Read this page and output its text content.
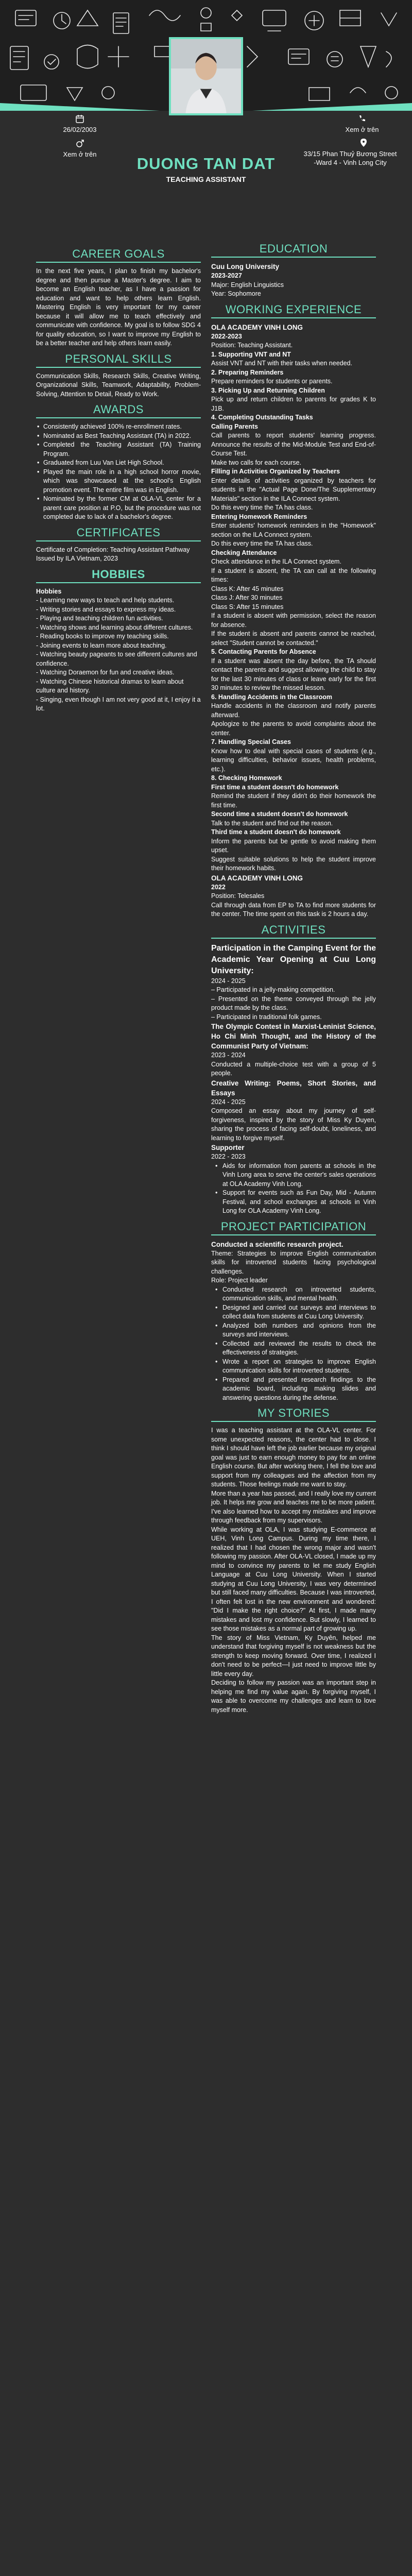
26/02/2003	Xem ở trên
Xem ở trên	33/15 Phan Thuỷ Bương Street
-Ward 4 - Vinh Long City
DUONG TAN DAT
TEACHING ASSISTANT
CAREER GOALS
In the next five years, I plan to finish my bachelor's degree and then pursue a Master's degree. I aim to become an English teacher, as I have a passion for education and want to help others learn English. Mastering English is very important for my career because it will allow me to teach effectively and communicate with confidence. My goal is to follow SDG 4 for quality education, so I want to improve my English to be a better teacher and help others learn easily.
PERSONAL SKILLS
Communication Skills, Research Skills, Creative Writing, Organizational Skills, Teamwork, Adaptability, Problem-Solving, Attention to Detail, Ready to Work.
AWARDS
• Consistently achieved 100% re-enrollment rates.
• Nominated as Best Teaching Assistant (TA) in 2022.
• Completed the Teaching Assistant (TA) Training Program.
• Graduated from Luu Van Liet High School.
• Played the main role in a high school horror movie, which was showcased at the school's English promotion event. The entire film was in English.
• Nominated by the former CM at OLA-VL center for a parent care position at P.O, but the procedure was not completed due to lack of a bachelor's degree.
CERTIFICATES
Certificate of Completion: Teaching Assistant Pathway
Issued by ILA Vietnam, 2023
HOBBIES
Hobbies
- Learning new ways to teach and help students.
- Writing stories and essays to express my ideas.
- Playing and teaching children fun activities.
- Watching shows and learning about different cultures.
- Reading books to improve my teaching skills.
- Joining events to learn more about teaching.
- Watching beauty pageants to see different cultures and confidence.
- Watching Doraemon for fun and creative ideas.
- Watching Chinese historical dramas to learn about culture and history.
- Singing, even though I am not very good at it, I enjoy it a lot.
EDUCATION
Cuu Long University
2023-2027
Major: English Linguistics
Year: Sophomore
WORKING EXPERIENCE
OLA ACADEMY VINH LONG
2022-2023
Position: Teaching Assistant.
1. Supporting VNT and NT
Assist VNT and NT with their tasks when needed.
2. Preparing Reminders
Prepare reminders for students or parents.
3. Picking Up and Returning Children
Pick up and return children to parents for grades K to J1B.
4. Completing Outstanding Tasks
Calling Parents
Call parents to report students' learning progress. Announce the results of the Mid-Module Test and End-of-Course Test.
Make two calls for each course.
Filling in Activities Organized by Teachers
Enter details of activities organized by teachers for students in the "Actual Page Done/The Supplementary Materials" section in the ILA Connect system.
Do this every time the TA has class.
Entering Homework Reminders
Enter students' homework reminders in the "Homework" section on the ILA Connect system.
Do this every time the TA has class.
Checking Attendance
Check attendance in the ILA Connect system.
If a student is absent, the TA can call at the following times:
Class K: After 45 minutes
Class J: After 30 minutes
Class S: After 15 minutes
If a student is absent with permission, select the reason for absence.
If the student is absent and parents cannot be reached, select "Student cannot be contacted."
5. Contacting Parents for Absence
If a student was absent the day before, the TA should contact the parents and suggest allowing the child to stay for the last 30 minutes of class or leave early for the first 30 minutes to review the missed lesson.
6. Handling Accidents in the Classroom
Handle accidents in the classroom and notify parents afterward.
Apologize to the parents to avoid complaints about the center.
7. Handling Special Cases
Know how to deal with special cases of students (e.g., learning difficulties, behavior issues, health problems, etc.).
8. Checking Homework
First time a student doesn't do homework
Remind the student if they didn't do their homework the first time.
Second time a student doesn't do homework
Talk to the student and find out the reason.
Third time a student doesn't do homework
Inform the parents but be gentle to avoid making them upset.
Suggest suitable solutions to help the student improve their homework habits.
OLA ACADEMY VINH LONG
2022
Position: Telesales
Call through data from EP to TA to find more students for the center. The time spent on this task is 2 hours a day.
ACTIVITIES
Participation in the Camping Event for the Academic Year Opening at Cuu Long University:
2024 - 2025
– Participated in a jelly-making competition.
– Presented on the theme conveyed through the jelly product made by the class.
– Participated in traditional folk games.
The Olympic Contest in Marxist-Leninist Science, Ho Chi Minh Thought, and the History of the Communist Party of Vietnam:
2023 - 2024
Conducted a multiple-choice test with a group of 5 people.
Creative Writing: Poems, Short Stories, and Essays
2024 - 2025
Composed an essay about my journey of self-forgiveness, inspired by the story of Miss Ky Duyen, sharing the process of facing self-doubt, loneliness, and learning to forgive myself.
Supporter
2022 - 2023
• Aids for information from parents at schools in the Vinh Long area to serve the center's sales operations at OLA Academy Vinh Long.
• Support for events such as Fun Day, Mid - Autumn Festival, and school exchanges at schools in Vinh Long for OLA Academy Vinh Long.
PROJECT PARTICIPATION
Conducted a scientific research project.
Theme: Strategies to improve English communication skills for introverted students facing psychological challenges.
Role: Project leader
• Conducted research on introverted students, communication skills, and mental health.
• Designed and carried out surveys and interviews to collect data from students at Cuu Long University.
• Analyzed both numbers and opinions from the surveys and interviews.
• Collected and reviewed the results to check the effectiveness of strategies.
• Wrote a report on strategies to improve English communication skills for introverted students.
• Prepared and presented research findings to the academic board, including making slides and answering questions during the defense.
MY STORIES
I was a teaching assistant at the OLA-VL center. For some unexpected reasons, the center had to close. I think I should have left the job earlier because my original goal was just to earn enough money to pay for an online English course. But after working there, I fell the love and support from my colleagues and the affection from my students. Those feelings made me want to stay.
More than a year has passed, and I really love my current job. It helps me grow and teaches me to be more patient. I've also learned how to accept my mistakes and improve through feedback from my supervisors.
While working at OLA, I was studying E-commerce at UEH, Vinh Long Campus. During my time there, I realized that I had chosen the wrong major and wasn't following my passion. After OLA-VL closed, I made up my mind to convince my parents to let me study English Language at Cuu Long University. When I started studying at Cuu Long University, I was very determined but still faced many difficulties. Because I was introverted, I often felt lost in the new environment and wondered: "Did I make the right choice?" At first, I made many mistakes and lost my confidence. But slowly, I learned to see those mistakes as a normal part of growing up.
The story of Miss Vietnam, Ky Duyên, helped me understand that forgiving myself is not weakness but the strength to keep moving forward. Over time, I realized I don't need to be perfect—I just need to improve little by little every day.
Deciding to follow my passion was an important step in helping me find my value again. By forgiving myself, I was able to overcome my challenges and learn to love myself more.
